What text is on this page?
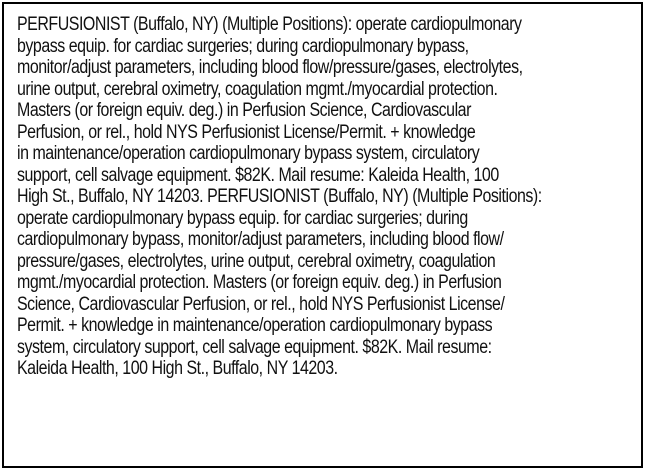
PERFUSIONIST (Buffalo, NY) (Multiple Positions): operate cardiopulmonary
bypass equip. for cardiac surgeries; during cardiopulmonary bypass,
monitor/adjust parameters, including blood flow/pressure/gases, electrolytes,
urine output, cerebral oximetry, coagulation mgmt./myocardial protection.
Masters (or foreign equiv. deg.) in Perfusion Science, Cardiovascular
Perfusion, or rel., hold NYS Perfusionist License/Permit. + knowledge
in maintenance/operation cardiopulmonary bypass system, circulatory
support, cell salvage equipment. $82K. Mail resume: Kaleida Health, 100
High St., Buffalo, NY 14203. PERFUSIONIST (Buffalo, NY) (Multiple Positions):
operate cardiopulmonary bypass equip. for cardiac surgeries; during
cardiopulmonary bypass, monitor/adjust parameters, including blood flow/
pressure/gases, electrolytes, urine output, cerebral oximetry, coagulation
mgmt./myocardial protection. Masters (or foreign equiv. deg.) in Perfusion
Science, Cardiovascular Perfusion, or rel., hold NYS Perfusionist License/
Permit. + knowledge in maintenance/operation cardiopulmonary bypass
system, circulatory support, cell salvage equipment. $82K. Mail resume:
Kaleida Health, 100 High St., Buffalo, NY 14203.
